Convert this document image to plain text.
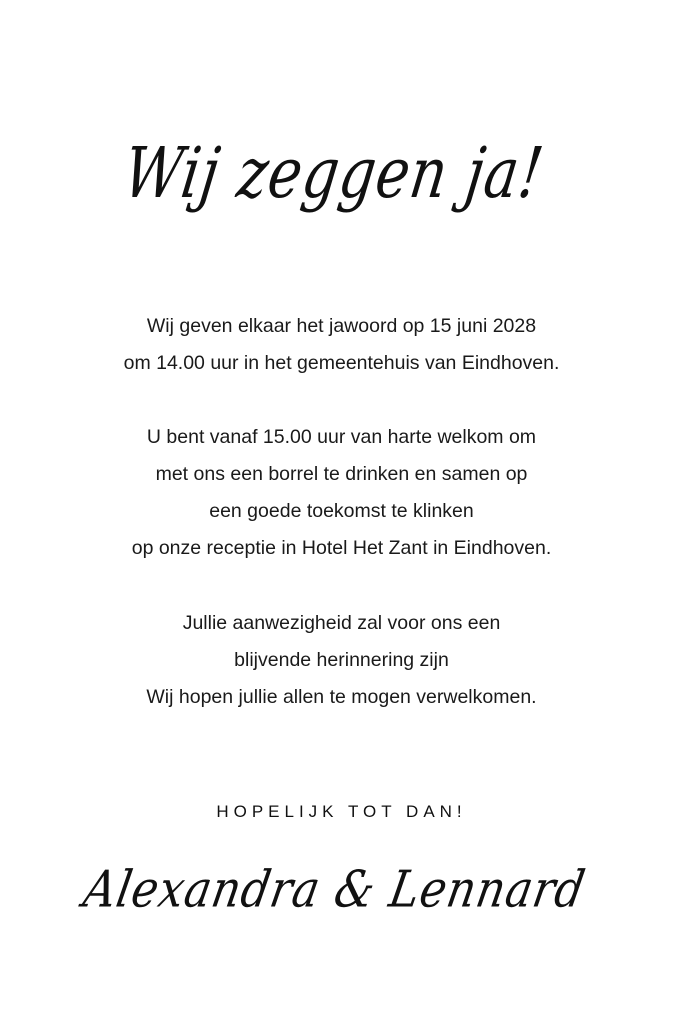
Wij zeggen ja!

Wij geven elkaar het jawoord op 15 juni 2028
om 14.00 uur in het gemeentehuis van Eindhoven.

U bent vanaf 15.00 uur van harte welkom om
met ons een borrel te drinken en samen op
een goede toekomst te klinken
op onze receptie in Hotel Het Zant in Eindhoven.

Jullie aanwezigheid zal voor ons een
blijvende herinnering zijn
Wij hopen jullie allen te mogen verwelkomen.

HOPELIJK TOT DAN!
Alexandra & Lennard
